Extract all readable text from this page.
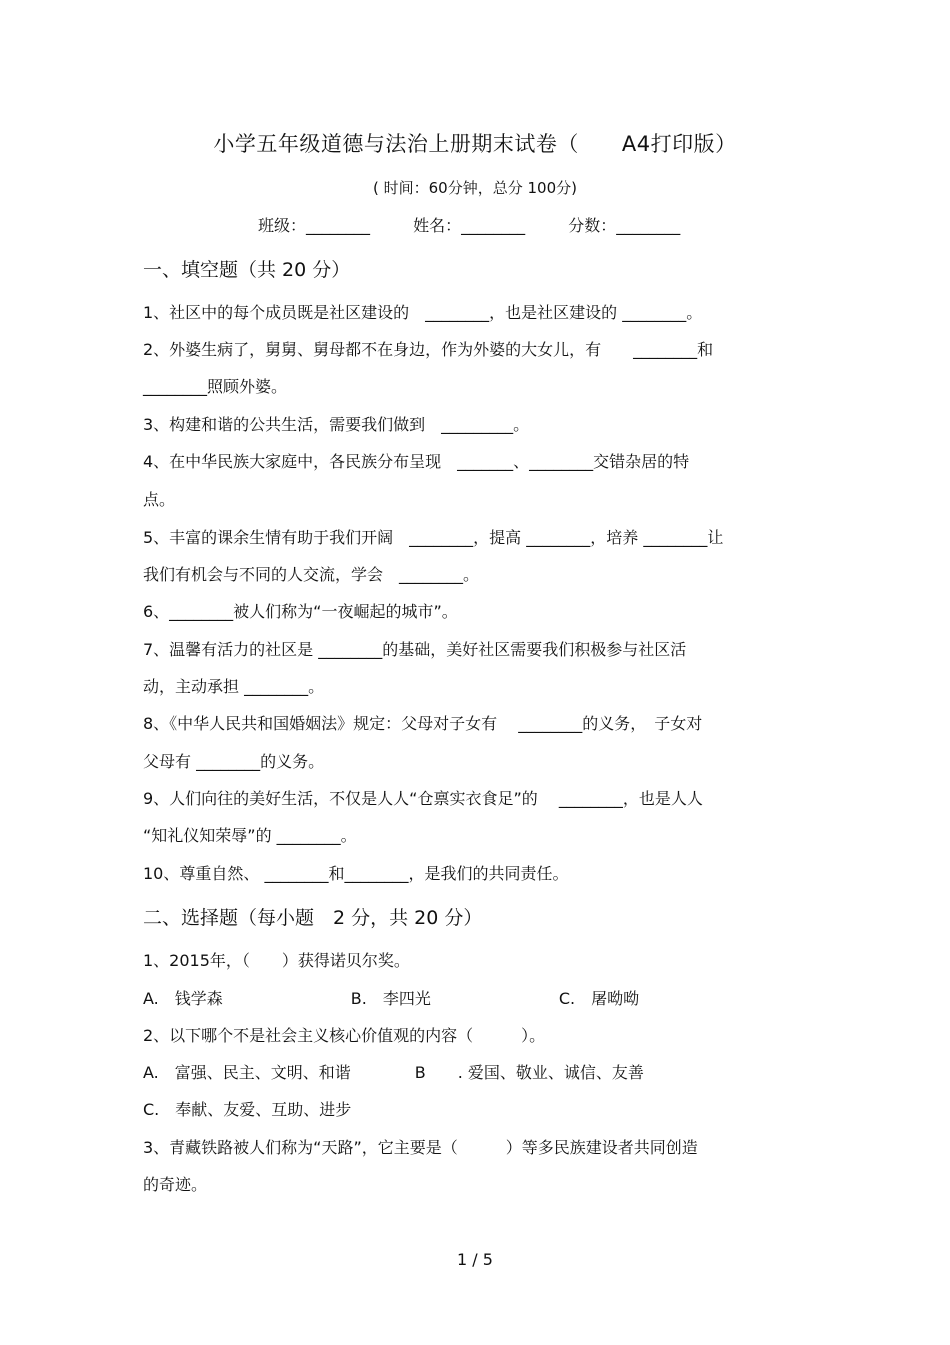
小学五年级道德与法治上册期末试卷（　　A4打印版）
( 时间：60分钟，总分 100分)
班级：________	姓名：________	分数：________
一、填空题（共 20 分）
1、社区中的每个成员既是社区建设的　________，也是社区建设的 ________。
2、外婆生病了，舅舅、舅母都不在身边，作为外婆的大女儿，有　　________和
________照顾外婆。
3、构建和谐的公共生活，需要我们做到　_________。
4、在中华民族大家庭中，各民族分布呈现　_______、________交错杂居的特
点。
5、丰富的课余生情有助于我们开阔　________，提高 ________，培养 ________让
我们有机会与不同的人交流，学会　________。
6、________被人们称为“一夜崛起的城市”。
7、温馨有活力的社区是 ________的基础，美好社区需要我们积极参与社区活
动，主动承担 ________。
8、《中华人民共和国婚姻法》规定：父母对子女有　 ________的义务，　子女对
父母有 ________的义务。
9、人们向往的美好生活，不仅是人人“仓禀实衣食足”的　 ________，也是人人
“知礼仪知荣辱”的 ________。
10、尊重自然、 ________和________，是我们的共同责任。
二、选择题（每小题　2 分，共 20 分）
1、2015年，（　　）获得诺贝尔奖。
A.　钱学森　　　　　　　　B.　李四光　　　　　　　　C.　屠呦呦
2、以下哪个不是社会主义核心价值观的内容（　　　）。
A.　富强、民主、文明、和谐　　　　B　　. 爱国、敬业、诚信、友善
C.　奉献、友爱、互助、进步
3、青藏铁路被人们称为“天路”，它主要是（　　　）等多民族建设者共同创造
的奇迹。
1 / 5
